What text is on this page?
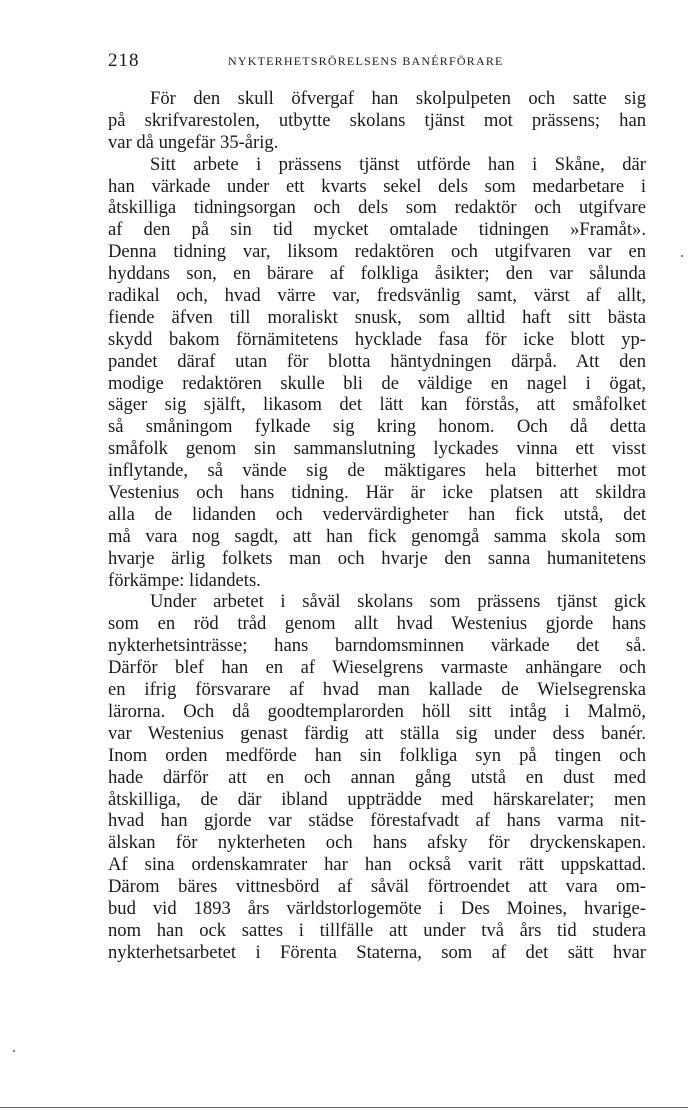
218	NYKTERHETSRÖRELSENS BANÉRFÖRARE
För den skull öfvergaf han skolpulpeten och satte sig
på skrifvarestolen, utbytte skolans tjänst mot prässens; han
var då ungefär 35-årig.
Sitt arbete i prässens tjänst utförde han i Skåne, där
han värkade under ett kvarts sekel dels som medarbetare i
åtskilliga tidningsorgan och dels som redaktör och utgifvare
af den på sin tid mycket omtalade tidningen »Framåt».
Denna tidning var, liksom redaktören och utgifvaren var en
hyddans son, en bärare af folkliga åsikter; den var sålunda
radikal och, hvad värre var, fredsvänlig samt, värst af allt,
fiende äfven till moraliskt snusk, som alltid haft sitt bästa
skydd bakom förnämitetens hycklade fasa för icke blott yp-
pandet däraf utan för blotta häntydningen därpå. Att den
modige redaktören skulle bli de väldige en nagel i ögat,
säger sig själft, likasom det lätt kan förstås, att småfolket
så småningom fylkade sig kring honom. Och då detta
småfolk genom sin sammanslutning lyckades vinna ett visst
inflytande, så vände sig de mäktigares hela bitterhet mot
Vestenius och hans tidning. Här är icke platsen att skildra
alla de lidanden och vedervärdigheter han fick utstå, det
må vara nog sagdt, att han fick genomgå samma skola som
hvarje ärlig folkets man och hvarje den sanna humanitetens
förkämpe: lidandets.
Under arbetet i såväl skolans som prässens tjänst gick
som en röd tråd genom allt hvad Westenius gjorde hans
nykterhetsinträsse; hans barndomsminnen värkade det så.
Därför blef han en af Wieselgrens varmaste anhängare och
en ifrig försvarare af hvad man kallade de Wielsegrenska
lärorna. Och då goodtemplarorden höll sitt intåg i Malmö,
var Westenius genast färdig att ställa sig under dess banér.
Inom orden medförde han sin folkliga syn på tingen och
hade därför att en och annan gång utstå en dust med
åtskilliga, de där ibland uppträdde med härskarelater; men
hvad han gjorde var städse förestafvadt af hans varma nit-
älskan för nykterheten och hans afsky för dryckenskapen.
Af sina ordenskamrater har han också varit rätt uppskattad.
Därom bäres vittnesbörd af såväl förtroendet att vara om-
bud vid 1893 års världstorlogemöte i Des Moines, hvarige-
nom han ock sattes i tillfälle att under två års tid studera
nykterhetsarbetet i Förenta Staterna, som af det sätt hvar
